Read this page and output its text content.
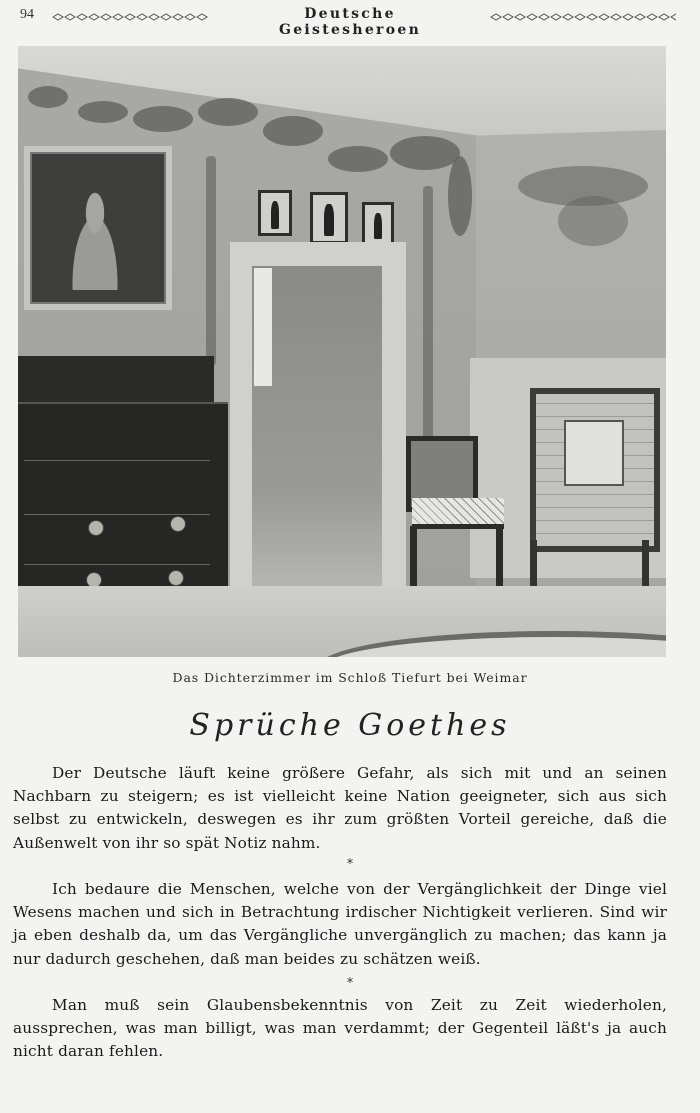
94	Deutsche Geistesheroen
Das Dichterzimmer im Schloß Tiefurt bei Weimar
Sprüche Goethes

Der Deutsche läuft keine größere Gefahr, als sich mit und an seinen Nachbarn zu steigern; es ist vielleicht keine Nation geeigneter, sich aus sich selbst zu entwickeln, deswegen es ihr zum größten Vorteil gereiche, daß die Außenwelt von ihr so spät Notiz nahm.

*

Ich bedaure die Menschen, welche von der Vergänglichkeit der Dinge viel Wesens machen und sich in Betrachtung irdischer Nichtigkeit verlieren. Sind wir ja eben deshalb da, um das Vergängliche unvergänglich zu machen; das kann ja nur dadurch geschehen, daß man beides zu schätzen weiß.

*

Man muß sein Glaubensbekenntnis von Zeit zu Zeit wiederholen, aussprechen, was man billigt, was man verdammt; der Gegenteil läßt's ja auch nicht daran fehlen.
